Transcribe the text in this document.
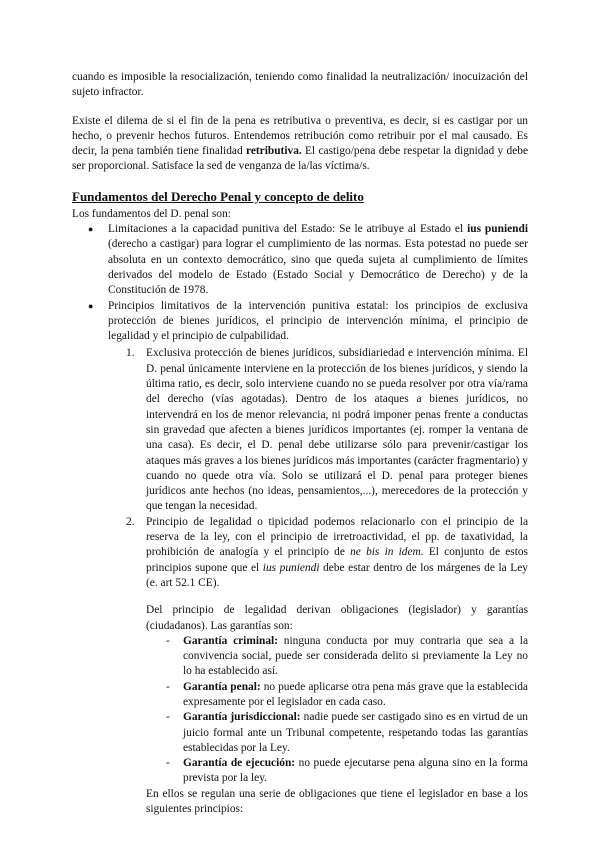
cuando es imposible la resocialización, teniendo como finalidad la neutralización/ inocuización del sujeto infractor.

Existe el dilema de si el fin de la pena es retributiva o preventiva, es decir, si es castigar por un hecho, o prevenir hechos futuros. Entendemos retribución como retribuir por el mal causado. Es decir, la pena también tiene finalidad retributiva. El castigo/pena debe respetar la dignidad y debe ser proporcional. Satisface la sed de venganza de la/las víctima/s.

Fundamentos del Derecho Penal y concepto de delito

Los fundamentos del D. penal son:

● Limitaciones a la capacidad punitiva del Estado: Se le atribuye al Estado el ius puniendi (derecho a castigar) para lograr el cumplimiento de las normas. Esta potestad no puede ser absoluta en un contexto democrático, sino que queda sujeta al cumplimiento de límites derivados del modelo de Estado (Estado Social y Democrático de Derecho) y de la Constitución de 1978.

● Principios limitativos de la intervención punitiva estatal: los principios de exclusiva protección de bienes jurídicos, el principio de intervención mínima, el principio de legalidad y el principio de culpabilidad.

1. Exclusiva protección de bienes jurídicos, subsidiariedad e intervención mínima. El D. penal únicamente interviene en la protección de los bienes jurídicos, y siendo la última ratio, es decir, solo interviene cuando no se pueda resolver por otra vía/rama del derecho (vías agotadas). Dentro de los ataques a bienes jurídicos, no intervendrá en los de menor relevancia, ni podrá imponer penas frente a conductas sin gravedad que afecten a bienes jurídicos importantes (ej. romper la ventana de una casa). Es decir, el D. penal debe utilizarse sólo para prevenir/castigar los ataques más graves a los bienes jurídicos más importantes (carácter fragmentario) y cuando no quede otra vía. Solo se utilizará el D. penal para proteger bienes jurídicos ante hechos (no ideas, pensamientos,...), merecedores de la protección y que tengan la necesidad.

2. Principio de legalidad o tipicidad podemos relacionarlo con el principio de la reserva de la ley, con el principio de irretroactividad, el pp. de taxatividad, la prohibición de analogía y el principio de ne bis in idem. El conjunto de estos principios supone que el ius puniendi debe estar dentro de los márgenes de la Ley (e. art 52.1 CE).

Del principio de legalidad derivan obligaciones (legislador) y garantías (ciudadanos). Las garantías son:

- Garantía criminal: ninguna conducta por muy contraria que sea a la convivencia social, puede ser considerada delito si previamente la Ley no lo ha establecido así.

- Garantía penal: no puede aplicarse otra pena más grave que la establecida expresamente por el legislador en cada caso.

- Garantía jurisdiccional: nadie puede ser castigado sino es en virtud de un juicio formal ante un Tribunal competente, respetando todas las garantías establecidas por la Ley.

- Garantía de ejecución: no puede ejecutarse pena alguna sino en la forma prevista por la ley.

En ellos se regulan una serie de obligaciones que tiene el legislador en base a los siguientes principios:
